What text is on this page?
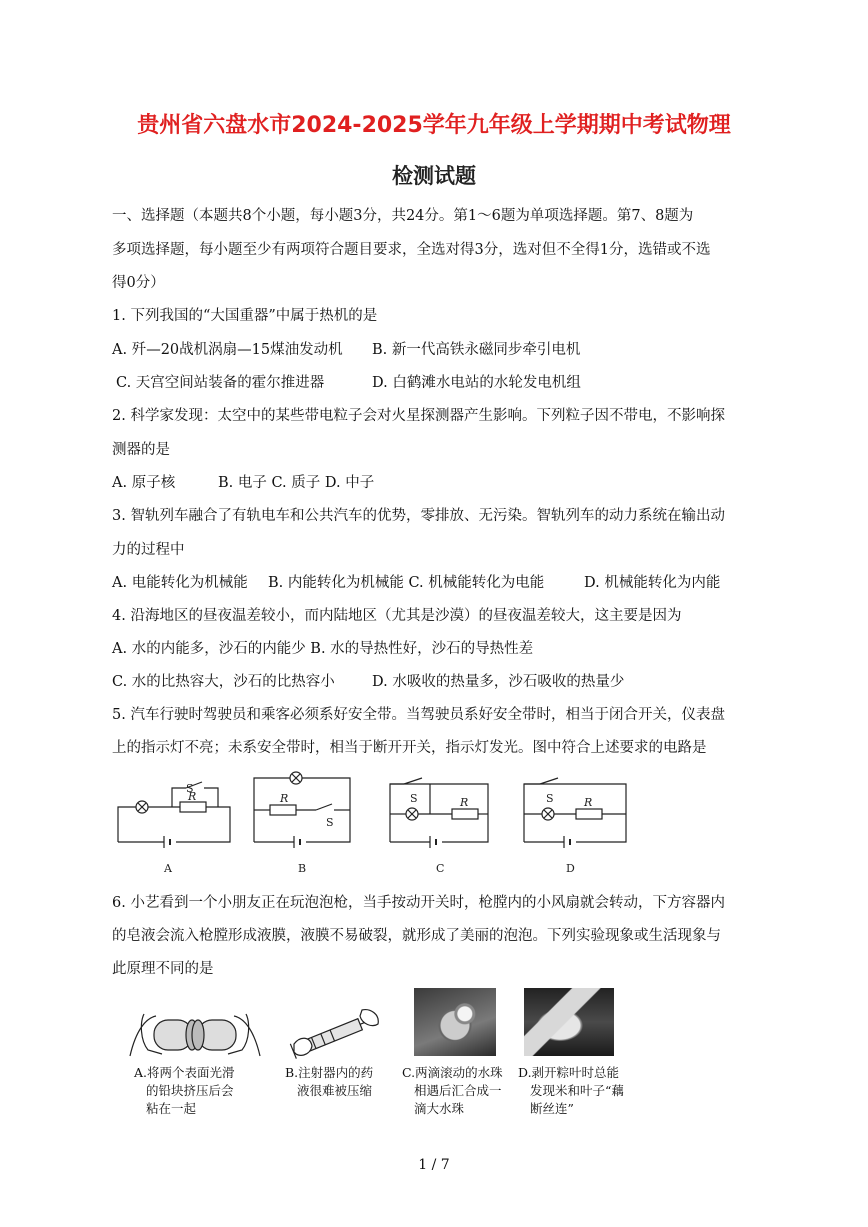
贵州省六盘水市2024-2025学年九年级上学期期中考试物理
检测试题
一、选择题（本题共8个小题，每小题3分，共24分。第1～6题为单项选择题。第7、8题为
多项选择题，每小题至少有两项符合题目要求，全选对得3分，选对但不全得1分，选错或不选
得0分）
1. 下列我国的“大国重器”中属于热机的是
A. 歼—20战机涡扇—15煤油发动机 B. 新一代高铁永磁同步牵引电机
C. 天宫空间站装备的霍尔推进器	D. 白鹤滩水电站的水轮发电机组
2. 科学家发现：太空中的某些带电粒子会对火星探测器产生影响。下列粒子因不带电，不影响探
测器的是
A. 原子核	B. 电子 C. 质子 D. 中子
3. 智轨列车融合了有轨电车和公共汽车的优势，零排放、无污染。智轨列车的动力系统在输出动
力的过程中
A. 电能转化为机械能 B. 内能转化为机械能 C. 机械能转化为电能	D. 机械能转化为内能
4. 沿海地区的昼夜温差较小，而内陆地区（尤其是沙漠）的昼夜温差较大，这主要是因为
A. 水的内能多，沙石的内能少 B. 水的导热性好，沙石的导热性差
C. 水的比热容大，沙石的比热容小	D. 水吸收的热量多，沙石吸收的热量少
5. 汽车行驶时驾驶员和乘客必须系好安全带。当驾驶员系好安全带时，相当于闭合开关，仪表盘
上的指示灯不亮；未系安全带时，相当于断开开关，指示灯发光。图中符合上述要求的电路是
S
R
A
R
S
B
S	R
C
S	R
D
6. 小艺看到一个小朋友正在玩泡泡枪，当手按动开关时，枪膛内的小风扇就会转动，下方容器内
的皂液会流入枪膛形成液膜，液膜不易破裂，就形成了美丽的泡泡。下列实验现象或生活现象与
此原理不同的是
A.将两个表面光滑
的铅块挤压后会
粘在一起
B.注射器内的药
液很难被压缩
C.两滴滚动的水珠
相遇后汇合成一
滴大水珠
D.剥开粽叶时总能
发现米和叶子“藕
断丝连”
1 / 7
